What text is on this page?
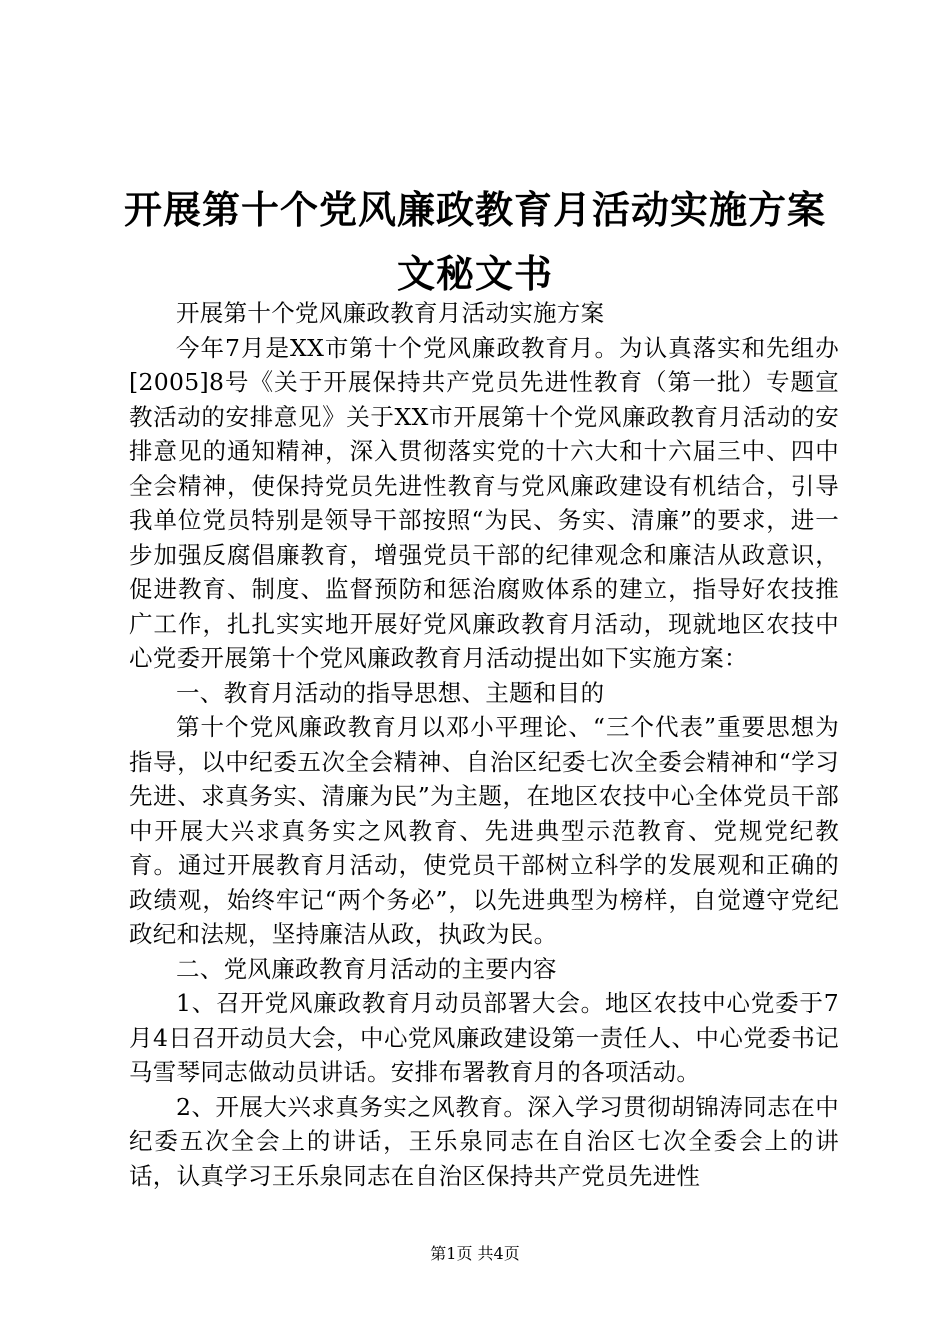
开展第十个党风廉政教育月活动实施方案文秘文书

开展第十个党风廉政教育月活动实施方案

今年7月是XX市第十个党风廉政教育月。为认真落实和先组办[2005]8号《关于开展保持共产党员先进性教育（第一批）专题宣教活动的安排意见》关于XX市开展第十个党风廉政教育月活动的安排意见的通知精神，深入贯彻落实党的十六大和十六届三中、四中全会精神，使保持党员先进性教育与党风廉政建设有机结合，引导我单位党员特别是领导干部按照“为民、务实、清廉”的要求，进一步加强反腐倡廉教育，增强党员干部的纪律观念和廉洁从政意识，促进教育、制度、监督预防和惩治腐败体系的建立，指导好农技推广工作，扎扎实实地开展好党风廉政教育月活动，现就地区农技中心党委开展第十个党风廉政教育月活动提出如下实施方案：

一、教育月活动的指导思想、主题和目的

第十个党风廉政教育月以邓小平理论、“三个代表”重要思想为指导，以中纪委五次全会精神、自治区纪委七次全委会精神和“学习先进、求真务实、清廉为民”为主题，在地区农技中心全体党员干部中开展大兴求真务实之风教育、先进典型示范教育、党规党纪教育。通过开展教育月活动，使党员干部树立科学的发展观和正确的政绩观，始终牢记“两个务必”，以先进典型为榜样，自觉遵守党纪政纪和法规，坚持廉洁从政，执政为民。

二、党风廉政教育月活动的主要内容

1、召开党风廉政教育月动员部署大会。地区农技中心党委于7月4日召开动员大会，中心党风廉政建设第一责任人、中心党委书记马雪琴同志做动员讲话。安排布署教育月的各项活动。

2、开展大兴求真务实之风教育。深入学习贯彻胡锦涛同志在中纪委五次全会上的讲话，王乐泉同志在自治区七次全委会上的讲话，认真学习王乐泉同志在自治区保持共产党员先进性

第1页 共4页
